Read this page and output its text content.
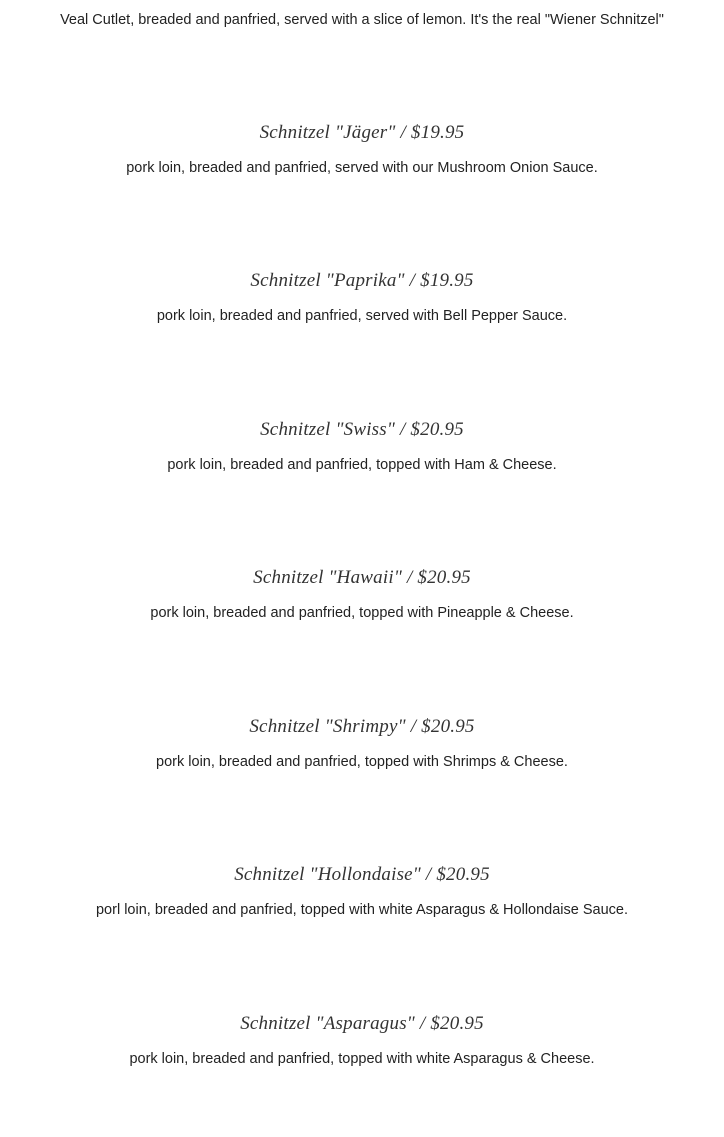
Veal Cutlet, breaded and panfried, served with a slice of lemon. It's the real "Wiener Schnitzel"
Schnitzel "Jäger" / $19.95
pork loin, breaded and panfried, served with our Mushroom Onion Sauce.
Schnitzel "Paprika" / $19.95
pork loin, breaded and panfried, served with Bell Pepper Sauce.
Schnitzel "Swiss" / $20.95
pork loin, breaded and panfried, topped with Ham & Cheese.
Schnitzel "Hawaii" / $20.95
pork loin, breaded and panfried, topped with Pineapple & Cheese.
Schnitzel "Shrimpy" / $20.95
pork loin, breaded and panfried, topped with Shrimps & Cheese.
Schnitzel "Hollondaise" / $20.95
porl loin, breaded and panfried, topped with white Asparagus & Hollondaise Sauce.
Schnitzel "Asparagus" / $20.95
pork loin, breaded and panfried, topped with white Asparagus & Cheese.
